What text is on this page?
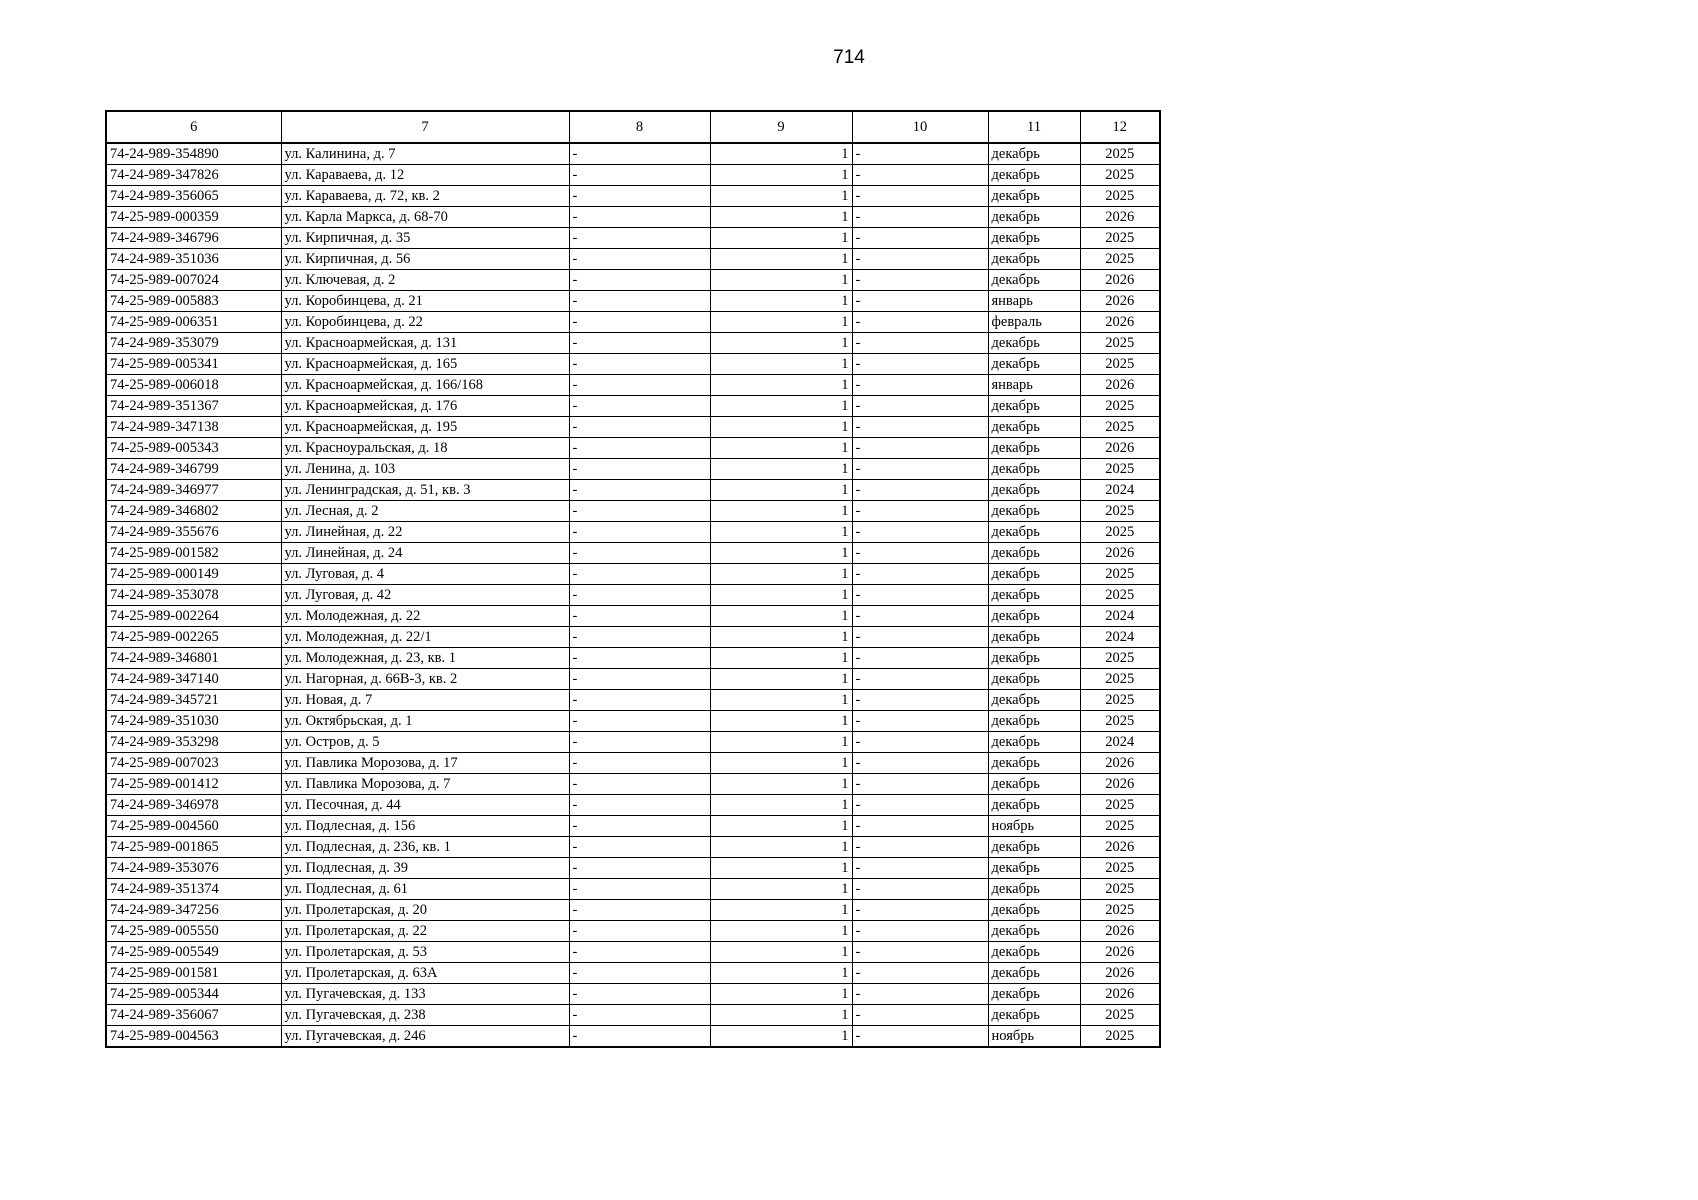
714
6	7	8	9	10	11	12
74-24-989-354890	ул. Калинина, д. 7	-	1	-	декабрь	2025
74-24-989-347826	ул. Караваева, д. 12	-	1	-	декабрь	2025
74-24-989-356065	ул. Караваева, д. 72, кв. 2	-	1	-	декабрь	2025
74-25-989-000359	ул. Карла Маркса, д. 68-70	-	1	-	декабрь	2026
74-24-989-346796	ул. Кирпичная, д. 35	-	1	-	декабрь	2025
74-24-989-351036	ул. Кирпичная, д. 56	-	1	-	декабрь	2025
74-25-989-007024	ул. Ключевая, д. 2	-	1	-	декабрь	2026
74-25-989-005883	ул. Коробинцева, д. 21	-	1	-	январь	2026
74-25-989-006351	ул. Коробинцева, д. 22	-	1	-	февраль	2026
74-24-989-353079	ул. Красноармейская, д. 131	-	1	-	декабрь	2025
74-25-989-005341	ул. Красноармейская, д. 165	-	1	-	декабрь	2025
74-25-989-006018	ул. Красноармейская, д. 166/168	-	1	-	январь	2026
74-24-989-351367	ул. Красноармейская, д. 176	-	1	-	декабрь	2025
74-24-989-347138	ул. Красноармейская, д. 195	-	1	-	декабрь	2025
74-25-989-005343	ул. Красноуральская, д. 18	-	1	-	декабрь	2026
74-24-989-346799	ул. Ленина, д. 103	-	1	-	декабрь	2025
74-24-989-346977	ул. Ленинградская, д. 51, кв. 3	-	1	-	декабрь	2024
74-24-989-346802	ул. Лесная, д. 2	-	1	-	декабрь	2025
74-24-989-355676	ул. Линейная, д. 22	-	1	-	декабрь	2025
74-25-989-001582	ул. Линейная, д. 24	-	1	-	декабрь	2026
74-25-989-000149	ул. Луговая, д. 4	-	1	-	декабрь	2025
74-24-989-353078	ул. Луговая, д. 42	-	1	-	декабрь	2025
74-25-989-002264	ул. Молодежная, д. 22	-	1	-	декабрь	2024
74-25-989-002265	ул. Молодежная, д. 22/1	-	1	-	декабрь	2024
74-24-989-346801	ул. Молодежная, д. 23, кв. 1	-	1	-	декабрь	2025
74-24-989-347140	ул. Нагорная, д. 66В-3, кв. 2	-	1	-	декабрь	2025
74-24-989-345721	ул. Новая, д. 7	-	1	-	декабрь	2025
74-24-989-351030	ул. Октябрьская, д. 1	-	1	-	декабрь	2025
74-24-989-353298	ул. Остров, д. 5	-	1	-	декабрь	2024
74-25-989-007023	ул. Павлика Морозова, д. 17	-	1	-	декабрь	2026
74-25-989-001412	ул. Павлика Морозова, д. 7	-	1	-	декабрь	2026
74-24-989-346978	ул. Песочная, д. 44	-	1	-	декабрь	2025
74-25-989-004560	ул. Подлесная, д. 156	-	1	-	ноябрь	2025
74-25-989-001865	ул. Подлесная, д. 236, кв. 1	-	1	-	декабрь	2026
74-24-989-353076	ул. Подлесная, д. 39	-	1	-	декабрь	2025
74-24-989-351374	ул. Подлесная, д. 61	-	1	-	декабрь	2025
74-24-989-347256	ул. Пролетарская, д. 20	-	1	-	декабрь	2025
74-25-989-005550	ул. Пролетарская, д. 22	-	1	-	декабрь	2026
74-25-989-005549	ул. Пролетарская, д. 53	-	1	-	декабрь	2026
74-25-989-001581	ул. Пролетарская, д. 63А	-	1	-	декабрь	2026
74-25-989-005344	ул. Пугачевская, д. 133	-	1	-	декабрь	2026
74-24-989-356067	ул. Пугачевская, д. 238	-	1	-	декабрь	2025
74-25-989-004563	ул. Пугачевская, д. 246	-	1	-	ноябрь	2025
